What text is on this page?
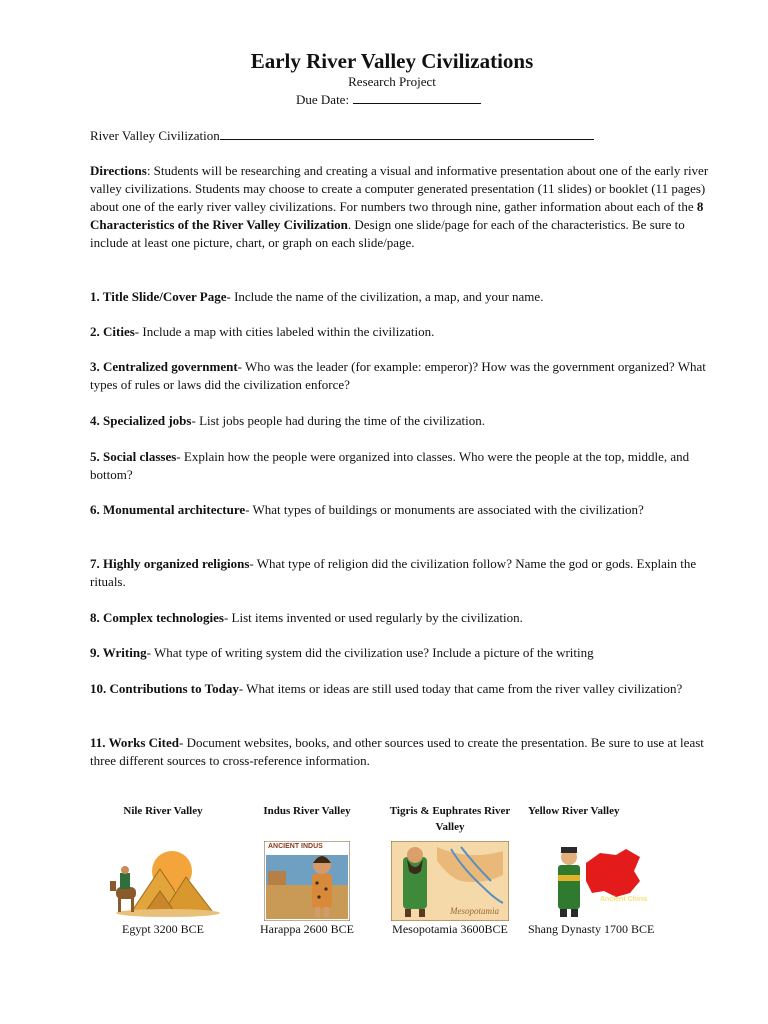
Early River Valley Civilizations
Research Project
Due Date:
River Valley Civilization
Directions: Students will be researching and creating a visual and informative presentation about one of the early river valley civilizations. Students may choose to create a computer generated presentation (11 slides) or booklet (11 pages) about one of the early river valley civilizations. For numbers two through nine, gather information about each of the 8 Characteristics of the River Valley Civilization. Design one slide/page for each of the characteristics. Be sure to include at least one picture, chart, or graph on each slide/page.
1. Title Slide/Cover Page- Include the name of the civilization, a map, and your name.
2. Cities- Include a map with cities labeled within the civilization.
3. Centralized government- Who was the leader (for example: emperor)? How was the government organized? What types of rules or laws did the civilization enforce?
4. Specialized jobs- List jobs people had during the time of the civilization.
5. Social classes- Explain how the people were organized into classes. Who were the people at the top, middle, and bottom?
6. Monumental architecture- What types of buildings or monuments are associated with the civilization?
7. Highly organized religions- What type of religion did the civilization follow? Name the god or gods. Explain the rituals.
8. Complex technologies- List items invented or used regularly by the civilization.
9. Writing- What type of writing system did the civilization use? Include a picture of the writing
10. Contributions to Today- What items or ideas are still used today that came from the river valley civilization?
11. Works Cited- Document websites, books, and other sources used to create the presentation. Be sure to use at least three different sources to cross-reference information.
Nile River Valley
Egypt 3200 BCE
Indus River Valley
ANCIENT INDUS
Harappa 2600 BCE
Tigris & Euphrates River Valley
Mesopotamia
Mesopotamia 3600BCE
Yellow River Valley
Ancient China
Shang Dynasty 1700 BCE
